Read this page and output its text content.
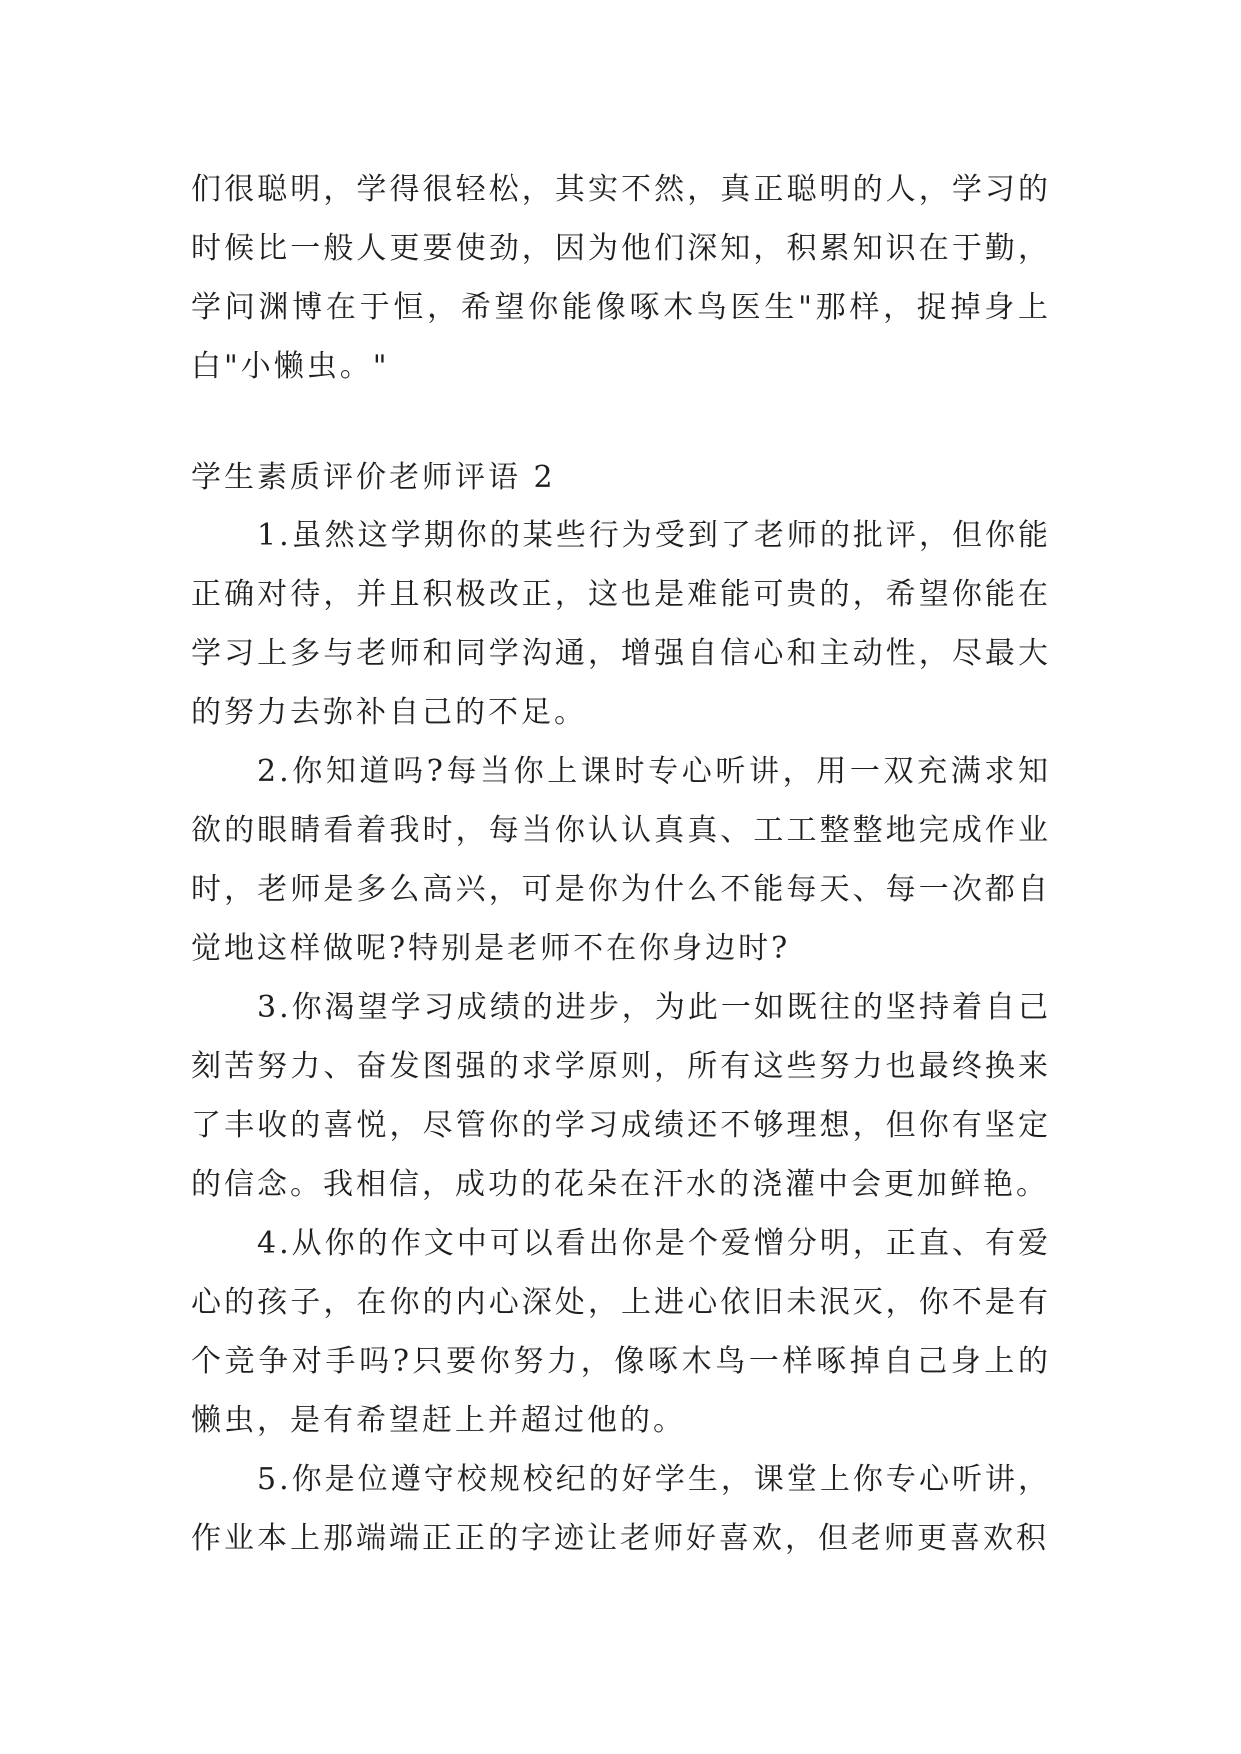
们很聪明，学得很轻松，其实不然，真正聪明的人，学习的时候比一般人更要使劲，因为他们深知，积累知识在于勤，学问渊博在于恒，希望你能像啄木鸟医生"那样，捉掉身上白"小懒虫。"

学生素质评价老师评语 2

1.虽然这学期你的某些行为受到了老师的批评，但你能正确对待，并且积极改正，这也是难能可贵的，希望你能在学习上多与老师和同学沟通，增强自信心和主动性，尽最大的努力去弥补自己的不足。

2.你知道吗?每当你上课时专心听讲，用一双充满求知欲的眼睛看着我时，每当你认认真真、工工整整地完成作业时，老师是多么高兴，可是你为什么不能每天、每一次都自觉地这样做呢?特别是老师不在你身边时?

3.你渴望学习成绩的进步，为此一如既往的坚持着自己刻苦努力、奋发图强的求学原则，所有这些努力也最终换来了丰收的喜悦，尽管你的学习成绩还不够理想，但你有坚定的信念。我相信，成功的花朵在汗水的浇灌中会更加鲜艳。

4.从你的作文中可以看出你是个爱憎分明，正直、有爱心的孩子，在你的内心深处，上进心依旧未泯灭，你不是有个竞争对手吗?只要你努力，像啄木鸟一样啄掉自己身上的懒虫，是有希望赶上并超过他的。

5.你是位遵守校规校纪的好学生，课堂上你专心听讲，作业本上那端端正正的字迹让老师好喜欢，但老师更喜欢积
